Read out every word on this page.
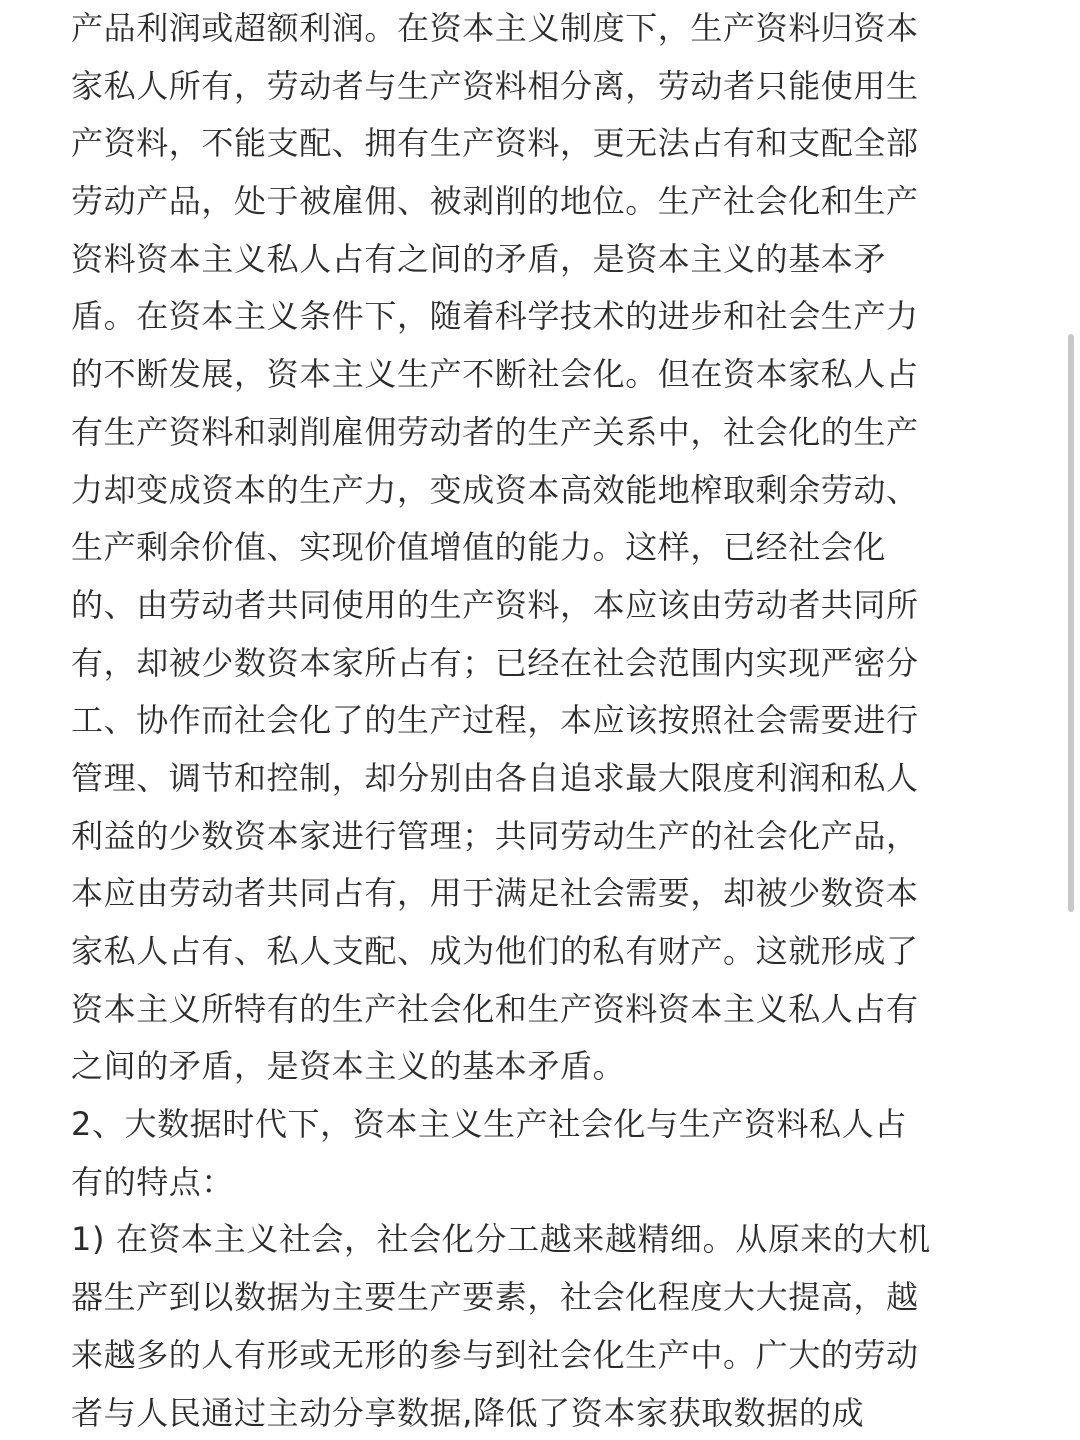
产品利润或超额利润。在资本主义制度下，生产资料归资本
家私人所有，劳动者与生产资料相分离，劳动者只能使用生
产资料，不能支配、拥有生产资料，更无法占有和支配全部
劳动产品，处于被雇佣、被剥削的地位。生产社会化和生产
资料资本主义私人占有之间的矛盾，是资本主义的基本矛
盾。在资本主义条件下，随着科学技术的进步和社会生产力
的不断发展，资本主义生产不断社会化。但在资本家私人占
有生产资料和剥削雇佣劳动者的生产关系中，社会化的生产
力却变成资本的生产力，变成资本高效能地榨取剩余劳动、
生产剩余价值、实现价值增值的能力。这样，已经社会化
的、由劳动者共同使用的生产资料，本应该由劳动者共同所
有，却被少数资本家所占有；已经在社会范围内实现严密分
工、协作而社会化了的生产过程，本应该按照社会需要进行
管理、调节和控制，却分别由各自追求最大限度利润和私人
利益的少数资本家进行管理；共同劳动生产的社会化产品，
本应由劳动者共同占有，用于满足社会需要，却被少数资本
家私人占有、私人支配、成为他们的私有财产。这就形成了
资本主义所特有的生产社会化和生产资料资本主义私人占有
之间的矛盾，是资本主义的基本矛盾。
2、大数据时代下，资本主义生产社会化与生产资料私人占
有的特点：
1) 在资本主义社会，社会化分工越来越精细。从原来的大机
器生产到以数据为主要生产要素，社会化程度大大提高，越
来越多的人有形或无形的参与到社会化生产中。广大的劳动
者与人民通过主动分享数据,降低了资本家获取数据的成
